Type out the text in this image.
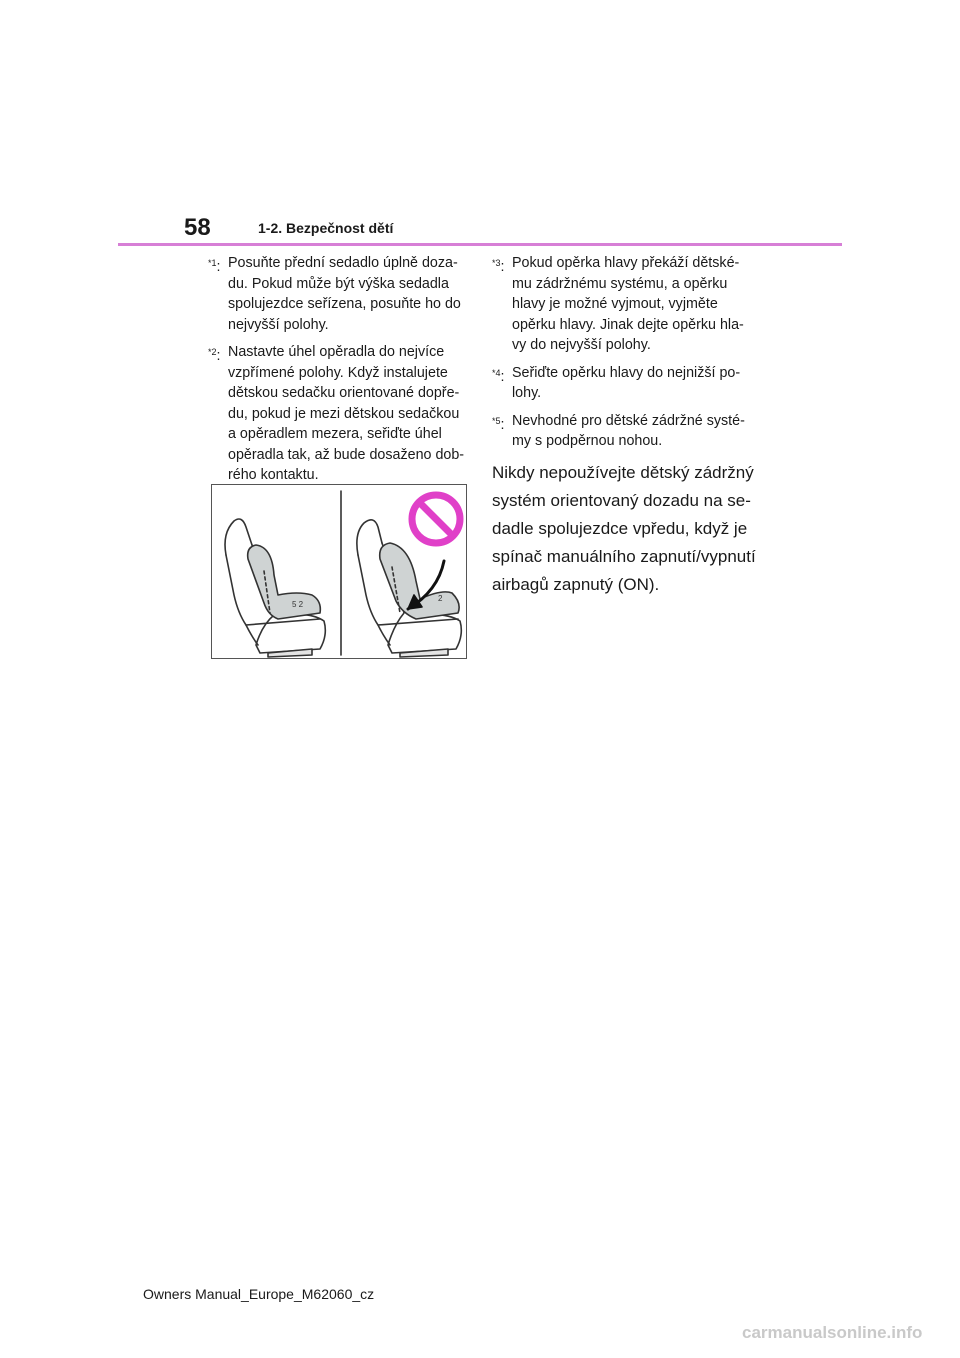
58	1-2. Bezpečnost dětí
$^{*1}$: Posuňte přední sedadlo úplně doza-
du. Pokud může být výška sedadla
spolujezdce seřízena, posuňte ho do
nejvyšší polohy.
$^{*2}$: Nastavte úhel opěradla do nejvíce
vzpřímené polohy. Když instalujete
dětskou sedačku orientované dopře-
du, pokud je mezi dětskou sedačkou
a opěradlem mezera, seřiďte úhel
opěradla tak, až bude dosaženo dob-
rého kontaktu.
$^{*3}$: Pokud opěrka hlavy překáží dětské-
mu zádržnému systému, a opěrku
hlavy je možné vyjmout, vyjměte
opěrku hlavy. Jinak dejte opěrku hla-
vy do nejvyšší polohy.
$^{*4}$: Seřiďte opěrku hlavy do nejnižší po-
lohy.
$^{*5}$: Nevhodné pro dětské zádržné systé-
my s podpěrnou nohou.
Nikdy nepoužívejte dětský zádržný
systém orientovaný dozadu na se-
dadle spolujezdce vpředu, když je
spínač manuálního zapnutí/vypnutí
airbagů zapnutý (ON).
5 2
2
Owners Manual_Europe_M62060_cz
carmanualsonline.info
